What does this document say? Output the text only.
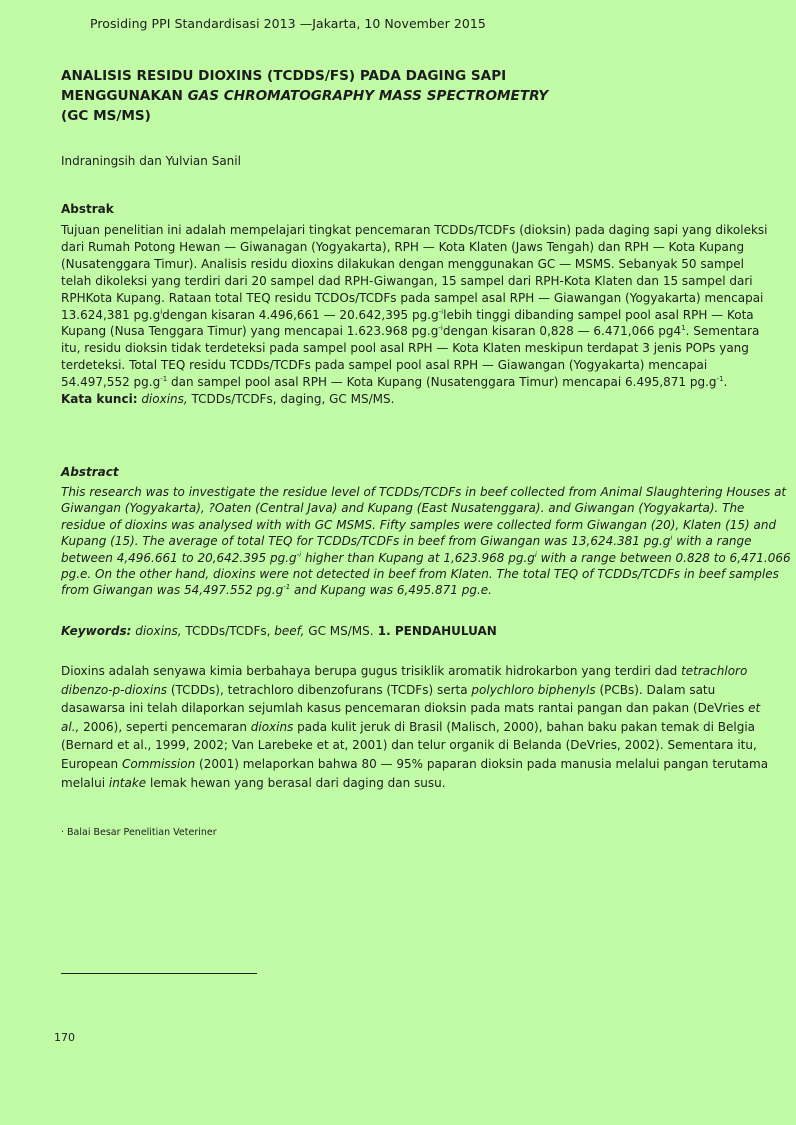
Prosiding PPI Standardisasi 2013 —Jakarta, 10 November 2015
ANALISIS RESIDU DIOXINS (TCDDS/FS) PADA DAGING SAPI
MENGGUNAKAN GAS CHROMATOGRAPHY MASS SPECTROMETRY
(GC MS/MS)
Indraningsih dan Yulvian Sanil
Abstrak

Tujuan penelitian ini adalah mempelajari tingkat pencemaran TCDDs/TCDFs (dioksin) pada daging sapi yang dikoleksi dari Rumah Potong Hewan — Giwanagan (Yogyakarta), RPH — Kota Klaten (Jaws Tengah) dan RPH — Kota Kupang (Nusatenggara Timur). Analisis residu dioxins dilakukan dengan menggunakan GC — MSMS. Sebanyak 50 sampel telah dikoleksi yang terdiri dari 20 sampel dad RPH-Giwangan, 15 sampel dari RPH-Kota Klaten dan 15 sampel dari RPHKota Kupang. Rataan total TEQ residu TCDOs/TCDFs pada sampel asal RPH — Giawangan (Yogyakarta) mencapai 13.624,381 $pg.g^idengan$ kisaran 4.496,661 — 20.642,395 $pg.g^{-i}lebih$ tinggi dibanding sampel pool asal RPH — Kota Kupang (Nusa Tenggara Timur) yang mencapai 1.623.968 $pg.g^{-i}dengan$ kisaran 0,828 — 6.471,066 $pg4^1$. Sementara itu, residu dioksin tidak terdeteksi pada sampel pool asal RPH — Kota Klaten meskipun terdapat 3 jenis POPs yang terdeteksi. Total TEQ residu TCDDs/TCDFs pada sampel pool asal RPH — Giawangan (Yogyakarta) mencapai 54.497,552 $pg.g^{-1}$ dan sampel pool asal RPH — Kota Kupang (Nusatenggara Timur) mencapai 6.495,871 $pg.g^{-1}$.

Kata kunci: dioxins, TCDDs/TCDFs, daging, GC MS/MS.

Abstract

This research was to investigate the residue level of TCDDs/TCDFs in beef collected from Animal Slaughtering Houses at Giwangan (Yogyakarta), ?Oaten (Central Java) and Kupang (East Nusatenggara). and Giwangan (Yogyakarta). The residue of dioxins was analysed with with GC MSMS. Fifty samples were collected form Giwangan (20), Klaten (15) and Kupang (15). The average of total TEQ for TCDDs/TCDFs in beef from Giwangan was 13,624.381 $pg.g^i$ with a range between 4,496.661 to 20,642.395 $pg.g^{-i}$ higher than Kupang at 1,623.968 $pg.g^i$ with a range between 0.828 to 6,471.066 pg.e. On the other hand, dioxins were not detected in beef from Klaten. The total TEQ of TCDDs/TCDFs in beef samples from Giwangan was 54,497.552 $pg.g^{-1}$ and Kupang was 6,495.871 pg.e.

Keywords: dioxins, TCDDs/TCDFs, beef, GC MS/MS. 1. PENDAHULUAN

Dioxins adalah senyawa kimia berbahaya berupa gugus trisiklik aromatik hidrokarbon yang terdiri dad tetrachloro dibenzo-p-dioxins (TCDDs), tetrachloro dibenzofurans (TCDFs) serta polychloro biphenyls (PCBs). Dalam satu dasawarsa ini telah dilaporkan sejumlah kasus pencemaran dioksin pada mats rantai pangan dan pakan (DeVries et al., 2006), seperti pencemaran dioxins pada kulit jeruk di Brasil (Malisch, 2000), bahan baku pakan temak di Belgia (Bernard et al., 1999, 2002; Van Larebeke et at, 2001) dan telur organik di Belanda (DeVries, 2002). Sementara itu, European Commission (2001) melaporkan bahwa 80 — 95% paparan dioksin pada manusia melalui pangan terutama melalui intake lemak hewan yang berasal dari daging dan susu.

· Balai Besar Penelitian Veteriner
170
